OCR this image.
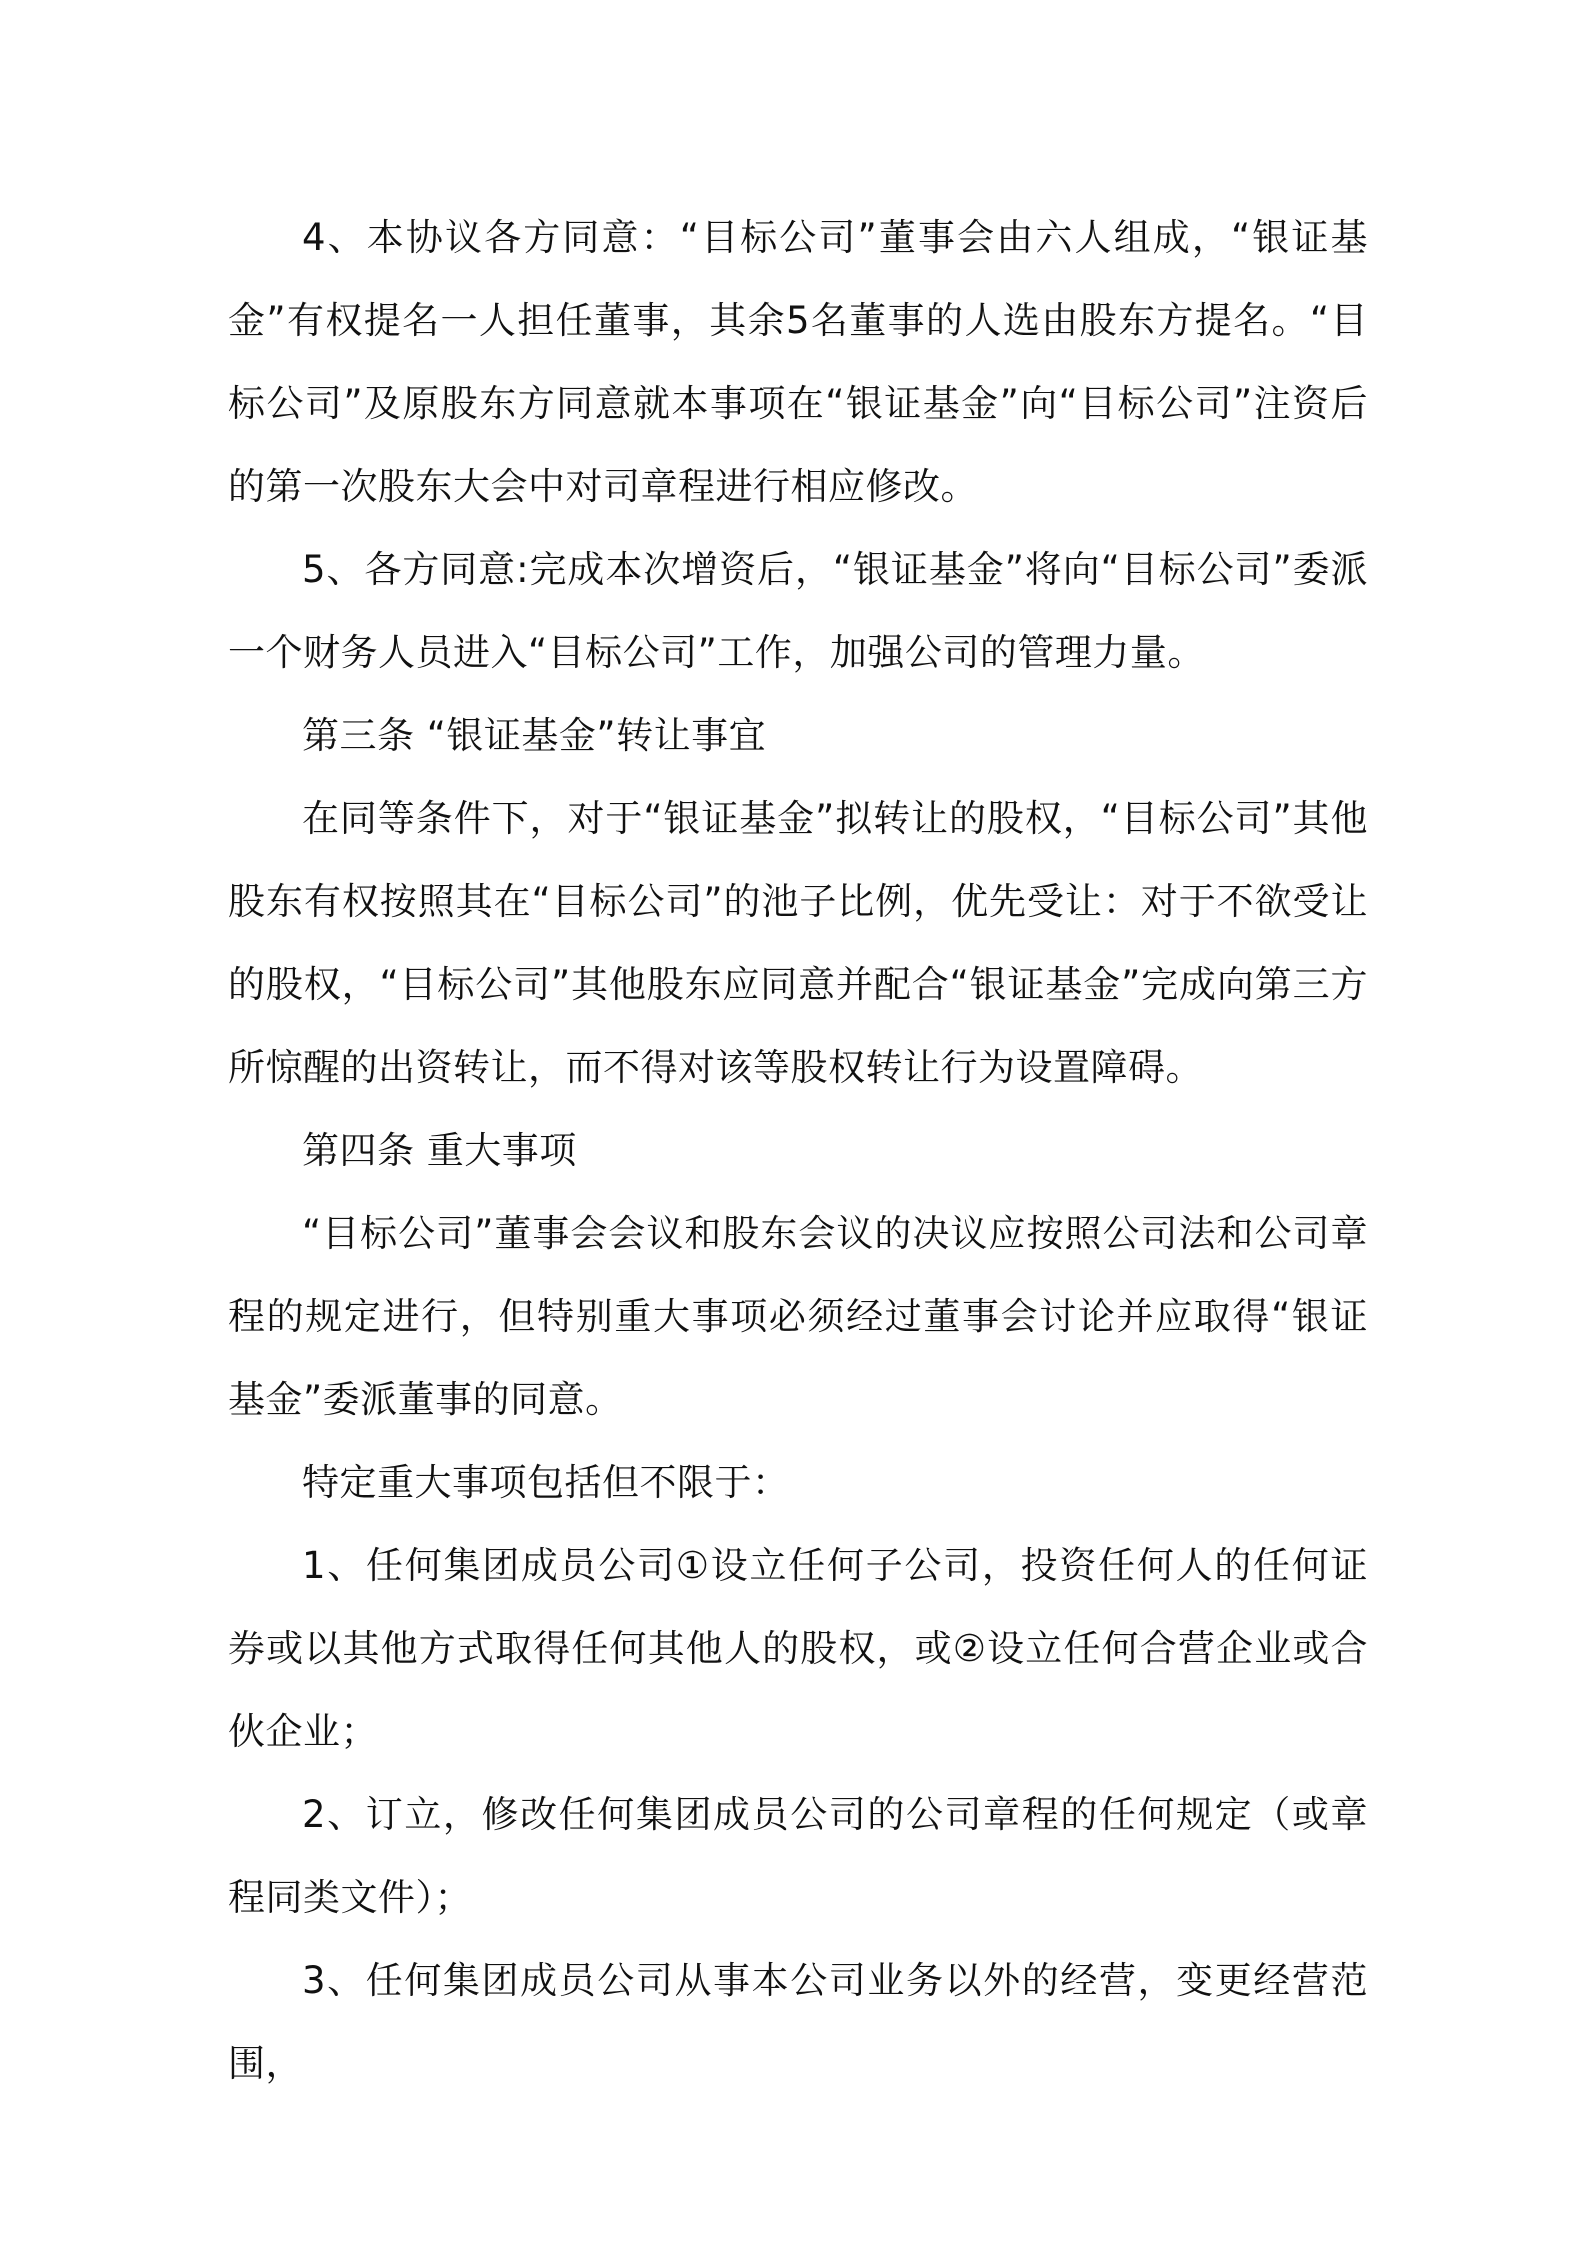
4、本协议各方同意：“目标公司”董事会由六人组成，“银证基金”有权提名一人担任董事，其余5名董事的人选由股东方提名。“目标公司”及原股东方同意就本事项在“银证基金”向“目标公司”注资后的第一次股东大会中对司章程进行相应修改。

5、各方同意:完成本次增资后，“银证基金”将向“目标公司”委派一个财务人员进入“目标公司”工作，加强公司的管理力量。

第三条 “银证基金”转让事宜

在同等条件下，对于“银证基金”拟转让的股权，“目标公司”其他股东有权按照其在“目标公司”的池子比例，优先受让：对于不欲受让的股权，“目标公司”其他股东应同意并配合“银证基金”完成向第三方所惊醒的出资转让，而不得对该等股权转让行为设置障碍。

第四条 重大事项

“目标公司”董事会会议和股东会议的决议应按照公司法和公司章程的规定进行，但特别重大事项必须经过董事会讨论并应取得“银证基金”委派董事的同意。

特定重大事项包括但不限于：

1、任何集团成员公司①设立任何子公司，投资任何人的任何证券或以其他方式取得任何其他人的股权，或②设立任何合营企业或合伙企业；

2、订立，修改任何集团成员公司的公司章程的任何规定（或章程同类文件）；

3、任何集团成员公司从事本公司业务以外的经营，变更经营范围，
